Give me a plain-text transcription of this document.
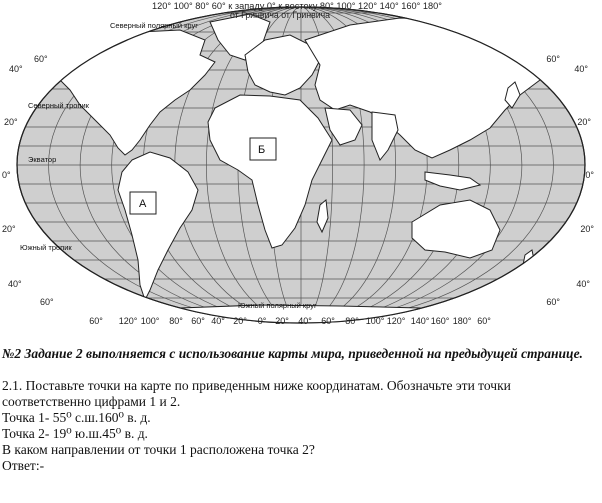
Северный полярный круг
Северный тропик
Экватор
Южный тропик
Южный полярный круг
120° 100° 80° 60° к западу 0° к востоку 80° 100° 120° 140° 160° 180°
от Гринвича от Гринвича
60°
40°
20°
0°
20°
40°
60°
60°
40°
20°
0°
20°
40°
60°
60° 120° 100° 80° 60° 40° 20° 0° 20° 40° 60° 80° 100° 120° 140° 160° 180° 60°
А
Б

№2 Задание 2 выполняется с использование карты мира, приведенной на предыдущей странице.

2.1. Поставьте точки на карте по приведенным ниже координатам. Обозначьте эти точки соответственно цифрами 1 и 2.

Точка 1- 55⁰ с.ш.160⁰ в. д.

Точка 2- 19⁰ ю.ш.45⁰ в. д.

В каком направлении от точки 1 расположена точка 2?

Ответ:-
